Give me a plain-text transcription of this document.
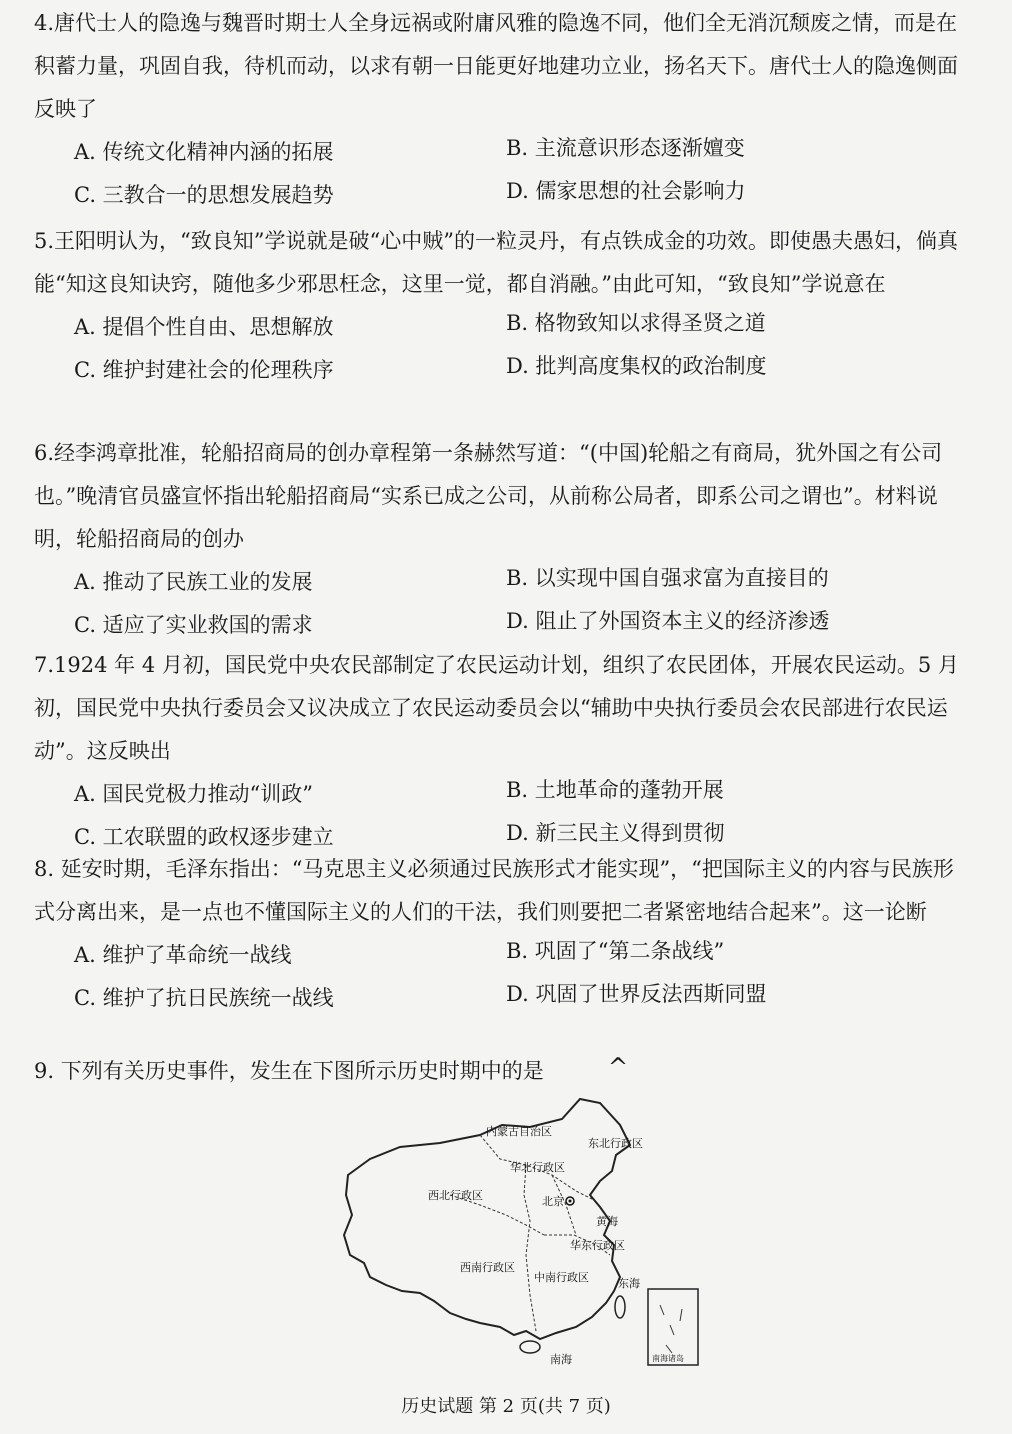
4.唐代士人的隐逸与魏晋时期士人全身远祸或附庸风雅的隐逸不同，他们全无消沉颓废之情，而是在积蓄力量，巩固自我，待机而动，以求有朝一日能更好地建功立业，扬名天下。唐代士人的隐逸侧面反映了

A. 传统文化精神内涵的拓展	B. 主流意识形态逐渐嬗变
C. 三教合一的思想发展趋势	D. 儒家思想的社会影响力

5.王阳明认为，“致良知”学说就是破“心中贼”的一粒灵丹，有点铁成金的功效。即使愚夫愚妇，倘真能“知这良知诀窍，随他多少邪思枉念，这里一觉，都自消融。”由此可知，“致良知”学说意在

A. 提倡个性自由、思想解放	B. 格物致知以求得圣贤之道
C. 维护封建社会的伦理秩序	D. 批判高度集权的政治制度

6.经李鸿章批准，轮船招商局的创办章程第一条赫然写道：“(中国)轮船之有商局，犹外国之有公司也。”晚清官员盛宣怀指出轮船招商局“实系已成之公司，从前称公局者，即系公司之谓也”。材料说明，轮船招商局的创办

A. 推动了民族工业的发展	B. 以实现中国自强求富为直接目的
C. 适应了实业救国的需求	D. 阻止了外国资本主义的经济渗透

7.1924 年 4 月初，国民党中央农民部制定了农民运动计划，组织了农民团体，开展农民运动。5 月初，国民党中央执行委员会又议决成立了农民运动委员会以“辅助中央执行委员会农民部进行农民运动”。这反映出

A. 国民党极力推动“训政”	B. 土地革命的蓬勃开展
C. 工农联盟的政权逐步建立	D. 新三民主义得到贯彻

8. 延安时期，毛泽东指出：“马克思主义必须通过民族形式才能实现”，“把国际主义的内容与民族形式分离出来，是一点也不懂国际主义的人们的干法，我们则要把二者紧密地结合起来”。这一论断

A. 维护了革命统一战线	B. 巩固了“第二条战线”
C. 维护了抗日民族统一战线	D. 巩固了世界反法西斯同盟

9. 下列有关历史事件，发生在下图所示历史时期中的是	^
内蒙古自治区
东北行政区
华北行政区
西北行政区	北京
黄海
华东行政区
西南行政区
中南行政区	东海
南海	南海诸岛
历史试题 第 2 页(共 7 页)
